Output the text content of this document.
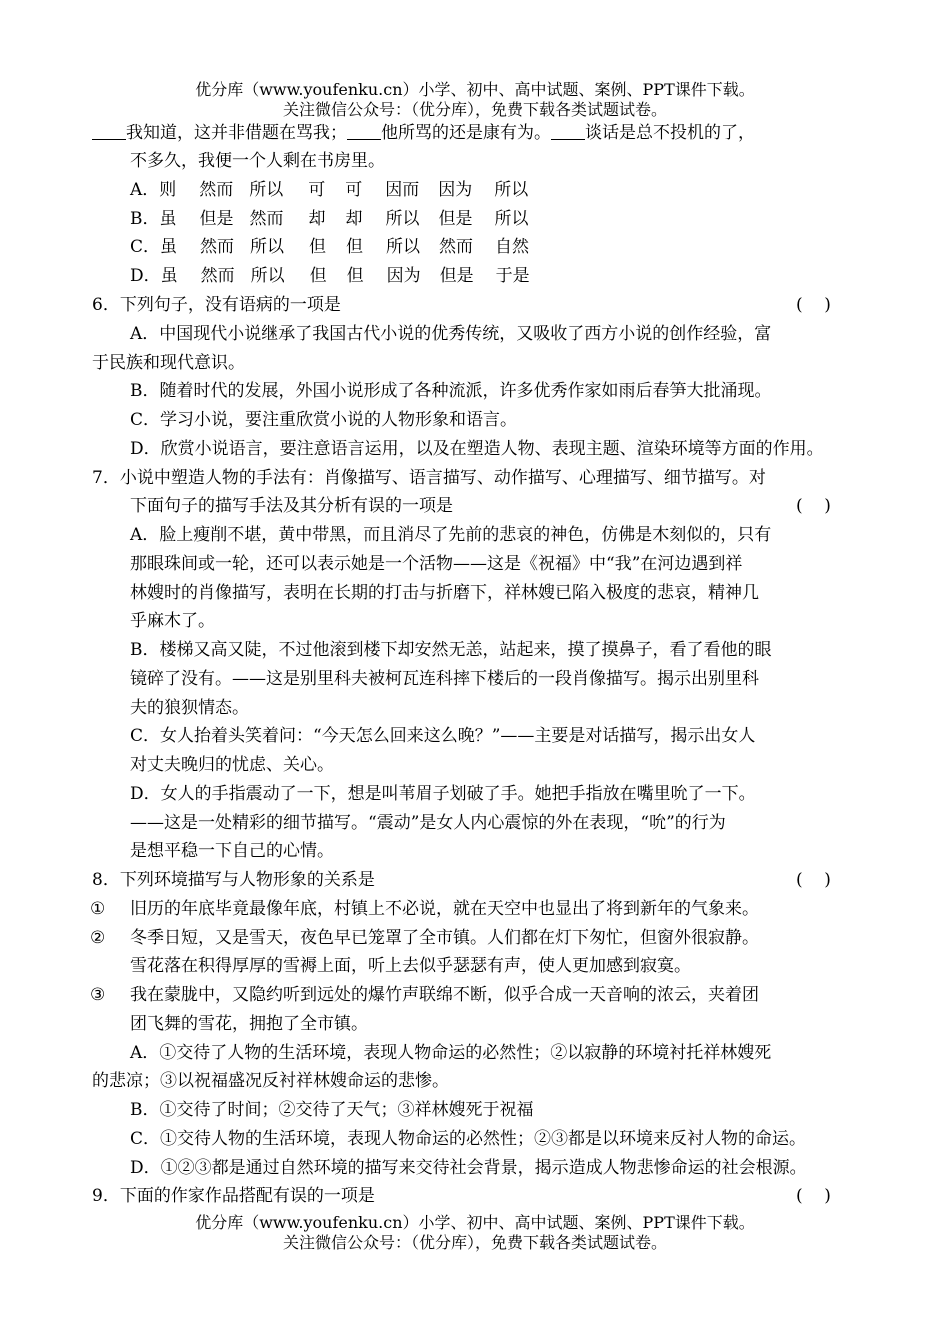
优分库（www.youfenku.cn）小学、初中、高中试题、案例、PPT课件下载。
关注微信公众号：（优分库），免费下载各类试题试卷。
我知道，这并非借题在骂我； 他所骂的还是康有为。 谈话是总不投机的了，
不多久，我便一个人剩在书房里。
A．则 然而 所以 可 可 因而 因为 所以
B．虽 但是 然而 却 却 所以 但是 所以
C．虽 然而 所以 但 但 所以 然而 自然
D．虽 然而 所以 但 但 因为 但是 于是
6．下列句子，没有语病的一项是	(    )
A．中国现代小说继承了我国古代小说的优秀传统，又吸收了西方小说的创作经验，富
于民族和现代意识。
B．随着时代的发展，外国小说形成了各种流派，许多优秀作家如雨后春笋大批涌现。
C．学习小说，要注重欣赏小说的人物形象和语言。
D．欣赏小说语言，要注意语言运用，以及在塑造人物、表现主题、渲染环境等方面的作用。
7．小说中塑造人物的手法有：肖像描写、语言描写、动作描写、心理描写、细节描写。对
下面句子的描写手法及其分析有误的一项是	(    )
A．脸上瘦削不堪，黄中带黑，而且消尽了先前的悲哀的神色，仿佛是木刻似的，只有
那眼珠间或一轮，还可以表示她是一个活物——这是《祝福》中“我”在河边遇到祥
林嫂时的肖像描写，表明在长期的打击与折磨下，祥林嫂已陷入极度的悲哀，精神几
乎麻木了。
B．楼梯又高又陡，不过他滚到楼下却安然无恙，站起来，摸了摸鼻子，看了看他的眼
镜碎了没有。——这是别里科夫被柯瓦连科摔下楼后的一段肖像描写。揭示出别里科
夫的狼狈情态。
C．女人抬着头笑着问：“今天怎么回来这么晚？”——主要是对话描写，揭示出女人
对丈夫晚归的忧虑、关心。
D．女人的手指震动了一下，想是叫苇眉子划破了手。她把手指放在嘴里吮了一下。
——这是一处精彩的细节描写。“震动”是女人内心震惊的外在表现，“吮”的行为
是想平稳一下自己的心情。
8．下列环境描写与人物形象的关系是	(    )
① 旧历的年底毕竟最像年底，村镇上不必说，就在天空中也显出了将到新年的气象来。
② 冬季日短，又是雪天，夜色早已笼罩了全市镇。人们都在灯下匆忙，但窗外很寂静。
雪花落在积得厚厚的雪褥上面，听上去似乎瑟瑟有声，使人更加感到寂寞。
③ 我在蒙胧中，又隐约听到远处的爆竹声联绵不断，似乎合成一天音响的浓云，夹着团
团飞舞的雪花，拥抱了全市镇。
A．①交待了人物的生活环境，表现人物命运的必然性；②以寂静的环境衬托祥林嫂死
的悲凉；③以祝福盛况反衬祥林嫂命运的悲惨。
B．①交待了时间；②交待了天气；③祥林嫂死于祝福
C．①交待人物的生活环境，表现人物命运的必然性；②③都是以环境来反衬人物的命运。
D．①②③都是通过自然环境的描写来交待社会背景，揭示造成人物悲惨命运的社会根源。
9．下面的作家作品搭配有误的一项是	(    )
优分库（www.youfenku.cn）小学、初中、高中试题、案例、PPT课件下载。
关注微信公众号：（优分库），免费下载各类试题试卷。
